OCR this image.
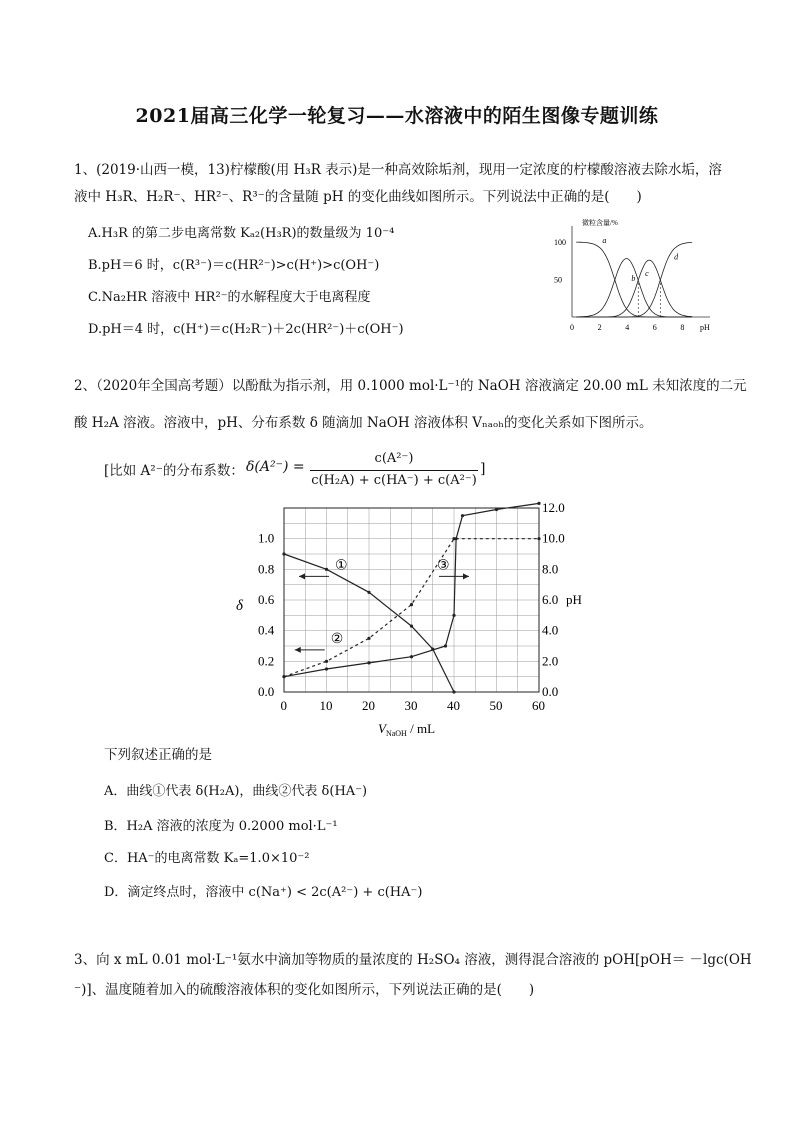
2021届高三化学一轮复习——水溶液中的陌生图像专题训练
1、(2019·山西一模，13)柠檬酸(用 H₃R 表示)是一种高效除垢剂，现用一定浓度的柠檬酸溶液去除水垢，溶
液中 H₃R、H₂R⁻、HR²⁻、R³⁻的含量随 pH 的变化曲线如图所示。下列说法中正确的是(　　)
A.H₃R 的第二步电离常数 Kₐ₂(H₃R)的数量级为 10⁻⁴
B.pH＝6 时，c(R³⁻)＝c(HR²⁻)>c(H⁺)>c(OH⁻)
C.Na₂HR 溶液中 HR²⁻的水解程度大于电离程度
D.pH＝4 时，c(H⁺)＝c(H₂R⁻)＋2c(HR²⁻)＋c(OH⁻)
微粒含量/%
pH
0	2	4	6	8
100
50
a
b
c
d
2、（2020年全国高考题）以酚酞为指示剂，用 0.1000 mol·L⁻¹的 NaOH 溶液滴定 20.00 mL 未知浓度的二元
酸 H₂A 溶液。溶液中，pH、分布系数 δ 随滴加 NaOH 溶液体积 Vₙₐₒₕ的变化关系如下图所示。
[比如 A²⁻的分布系数： δ(A²⁻) =
c(A²⁻)
c(H₂A) + c(HA⁻) + c(A²⁻)
]
0	10 20 30 40 50 60
0.0
0.2
0.4
0.6
0.8
1.0
0.0
2.0
4.0
6.0
8.0
10.0
12.0
①
②
③
δ	pH
$V_{NaOH}$ / mL
下列叙述正确的是
A．曲线①代表 δ(H₂A)，曲线②代表 δ(HA⁻)
B．H₂A 溶液的浓度为 0.2000 mol·L⁻¹
C．HA⁻的电离常数 Kₐ=1.0×10⁻²
D．滴定终点时，溶液中 c(Na⁺) < 2c(A²⁻) + c(HA⁻)
3、向 x mL 0.01 mol·L⁻¹氨水中滴加等物质的量浓度的 H₂SO₄ 溶液，测得混合溶液的 pOH[pOH＝ －lgc(OH
⁻)]、温度随着加入的硫酸溶液体积的变化如图所示，下列说法正确的是(　　)
